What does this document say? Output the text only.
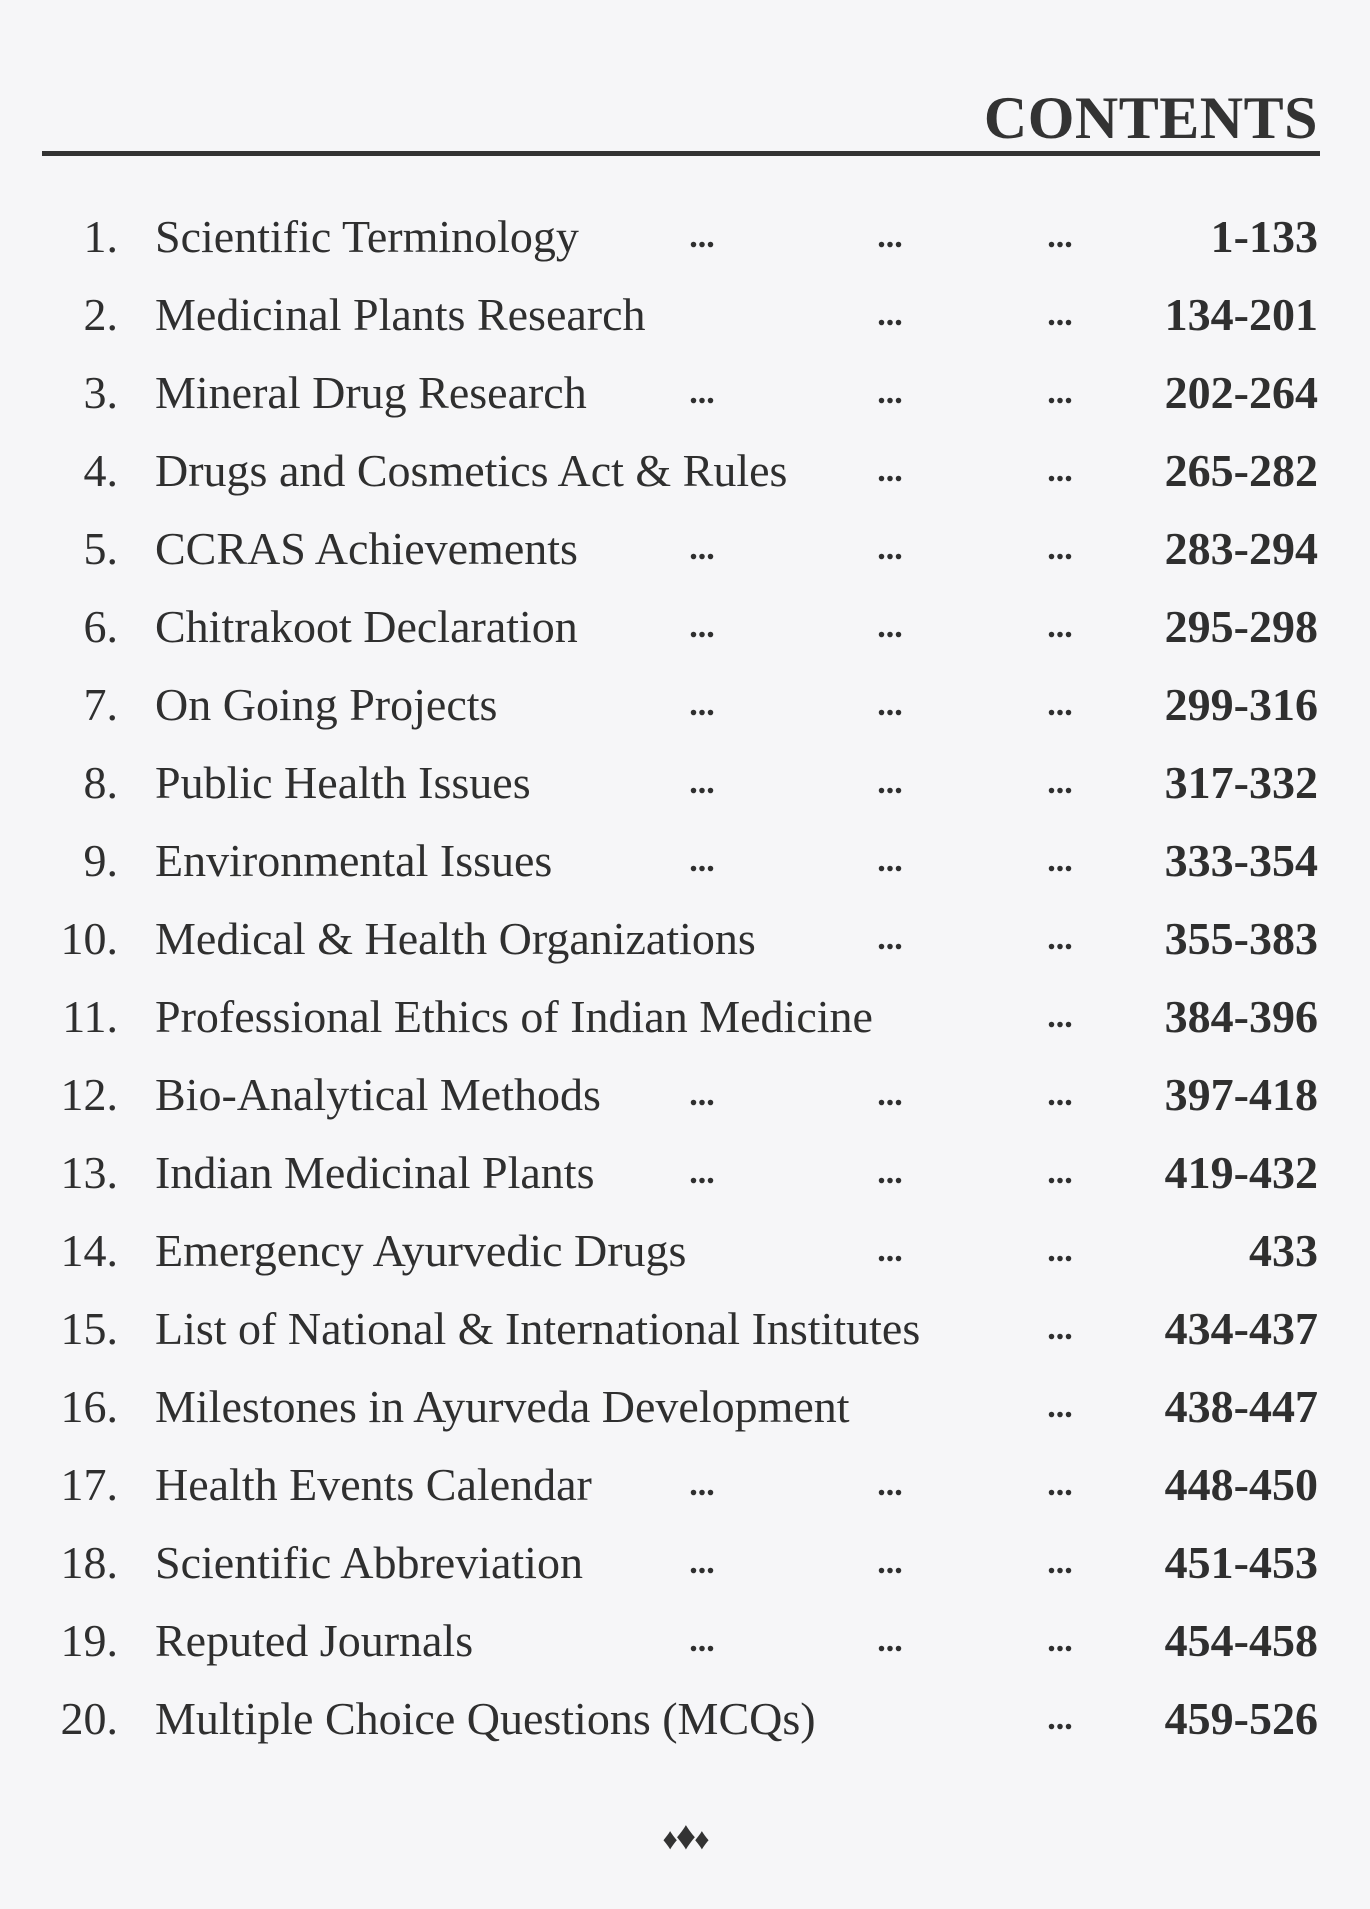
CONTENTS
1. Scientific Terminology	...	...	...	1-133
2. Medicinal Plants Research	...	...	134-201
3. Mineral Drug Research	...	...	...	202-264
4. Drugs and Cosmetics Act & Rules	...	...	265-282
5. CCRAS Achievements	...	...	...	283-294
6. Chitrakoot Declaration	...	...	...	295-298
7. On Going Projects	...	...	...	299-316
8. Public Health Issues	...	...	...	317-332
9. Environmental Issues	...	...	...	333-354
10. Medical & Health Organizations	...	...	355-383
11. Professional Ethics of Indian Medicine	...	384-396
12. Bio-Analytical Methods	...	...	...	397-418
13. Indian Medicinal Plants	...	...	...	419-432
14. Emergency Ayurvedic Drugs	...	...	433
15. List of National & International Institutes	...	434-437
16. Milestones in Ayurveda Development	...	438-447
17. Health Events Calendar	...	...	...	448-450
18. Scientific Abbreviation	...	...	...	451-453
19. Reputed Journals	...	...	...	454-458
20. Multiple Choice Questions (MCQs)	...	459-526
♦♦♦
